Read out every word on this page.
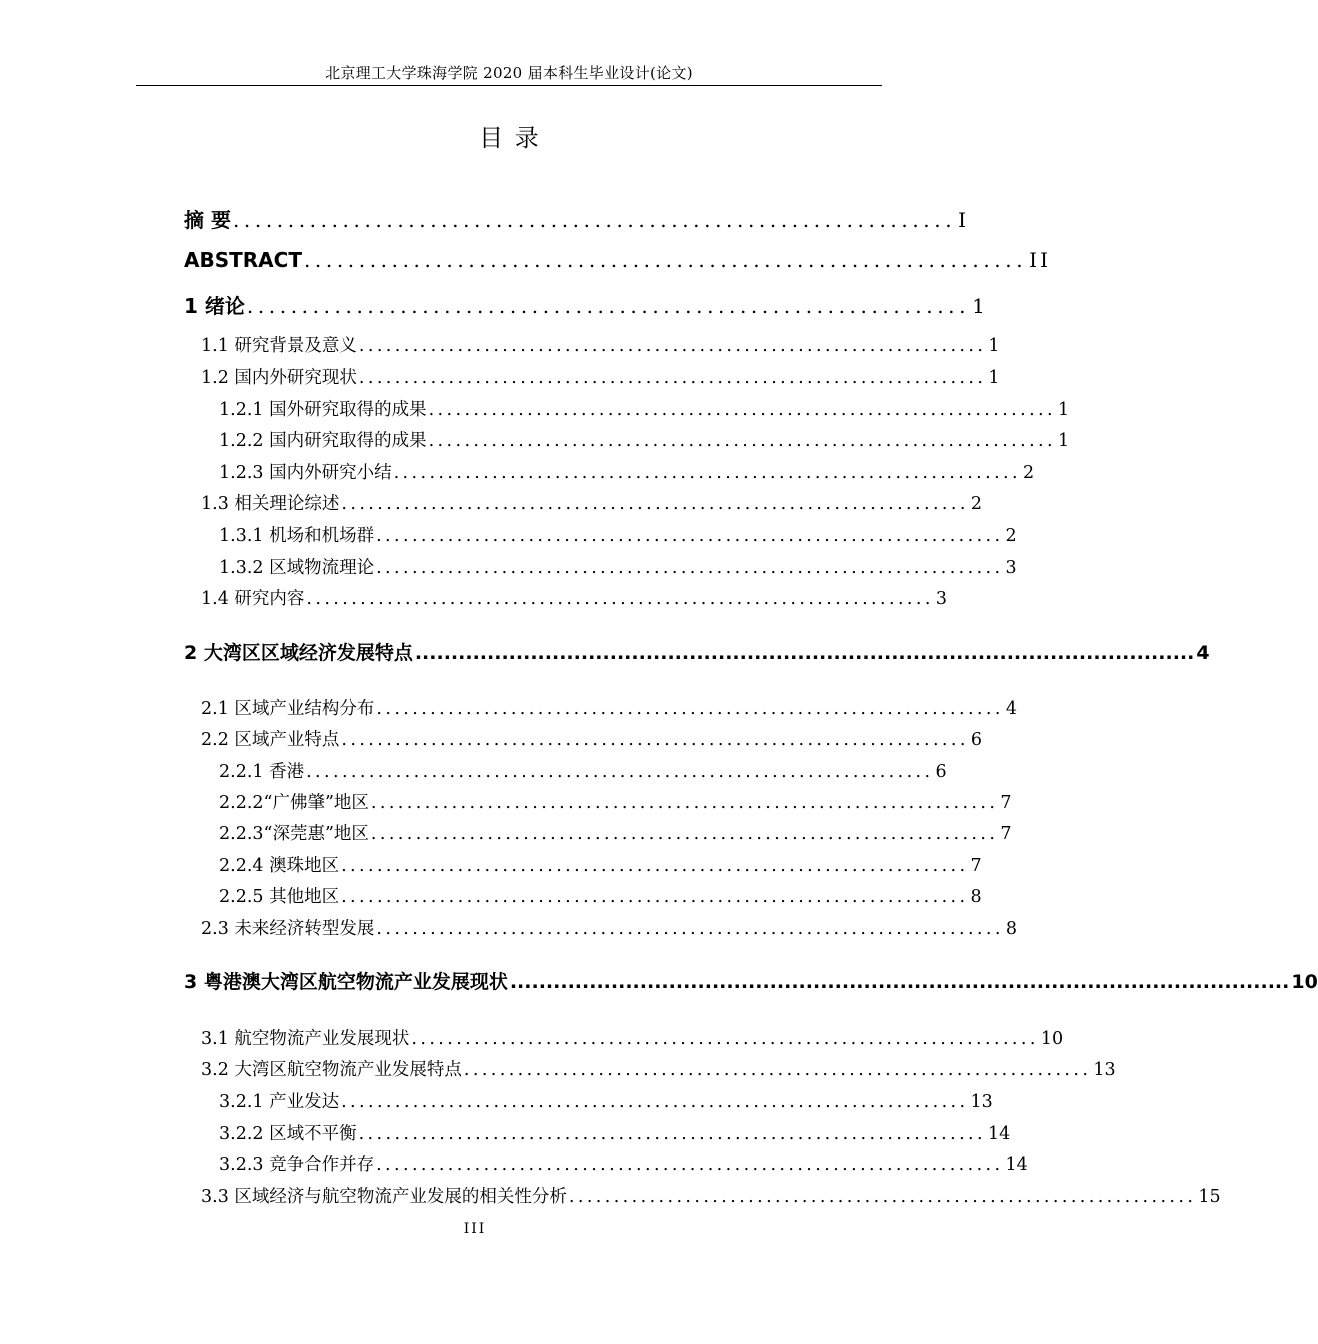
北京理工大学珠海学院 2020 届本科生毕业设计(论文)
目 录
摘 要 .................................................................. I
ABSTRACT .................................................................. II
1 绪论 .................................................................. 1
1.1 研究背景及意义 ...................................................................... 1
1.2 国内外研究现状 ...................................................................... 1
1.2.1 国外研究取得的成果 ...................................................................... 1
1.2.2 国内研究取得的成果 ...................................................................... 1
1.2.3 国内外研究小结 ...................................................................... 2
1.3 相关理论综述 ...................................................................... 2
1.3.1 机场和机场群 ...................................................................... 2
1.3.2 区域物流理论 ...................................................................... 3
1.4 研究内容 ...................................................................... 3
2 大湾区区域经济发展特点 ............................................................................................................ 4
2.1 区域产业结构分布 ...................................................................... 4
2.2 区域产业特点 ...................................................................... 6
2.2.1 香港 ...................................................................... 6
2.2.2“广佛肇”地区 ...................................................................... 7
2.2.3“深莞惠”地区 ...................................................................... 7
2.2.4 澳珠地区 ...................................................................... 7
2.2.5 其他地区 ...................................................................... 8
2.3 未来经济转型发展 ...................................................................... 8
3 粤港澳大湾区航空物流产业发展现状 ............................................................................................................ 10
3.1 航空物流产业发展现状 ...................................................................... 10
3.2 大湾区航空物流产业发展特点 ...................................................................... 13
3.2.1 产业发达 ...................................................................... 13
3.2.2 区域不平衡 ...................................................................... 14
3.2.3 竞争合作并存 ...................................................................... 14
3.3 区域经济与航空物流产业发展的相关性分析 ...................................................................... 15
III
